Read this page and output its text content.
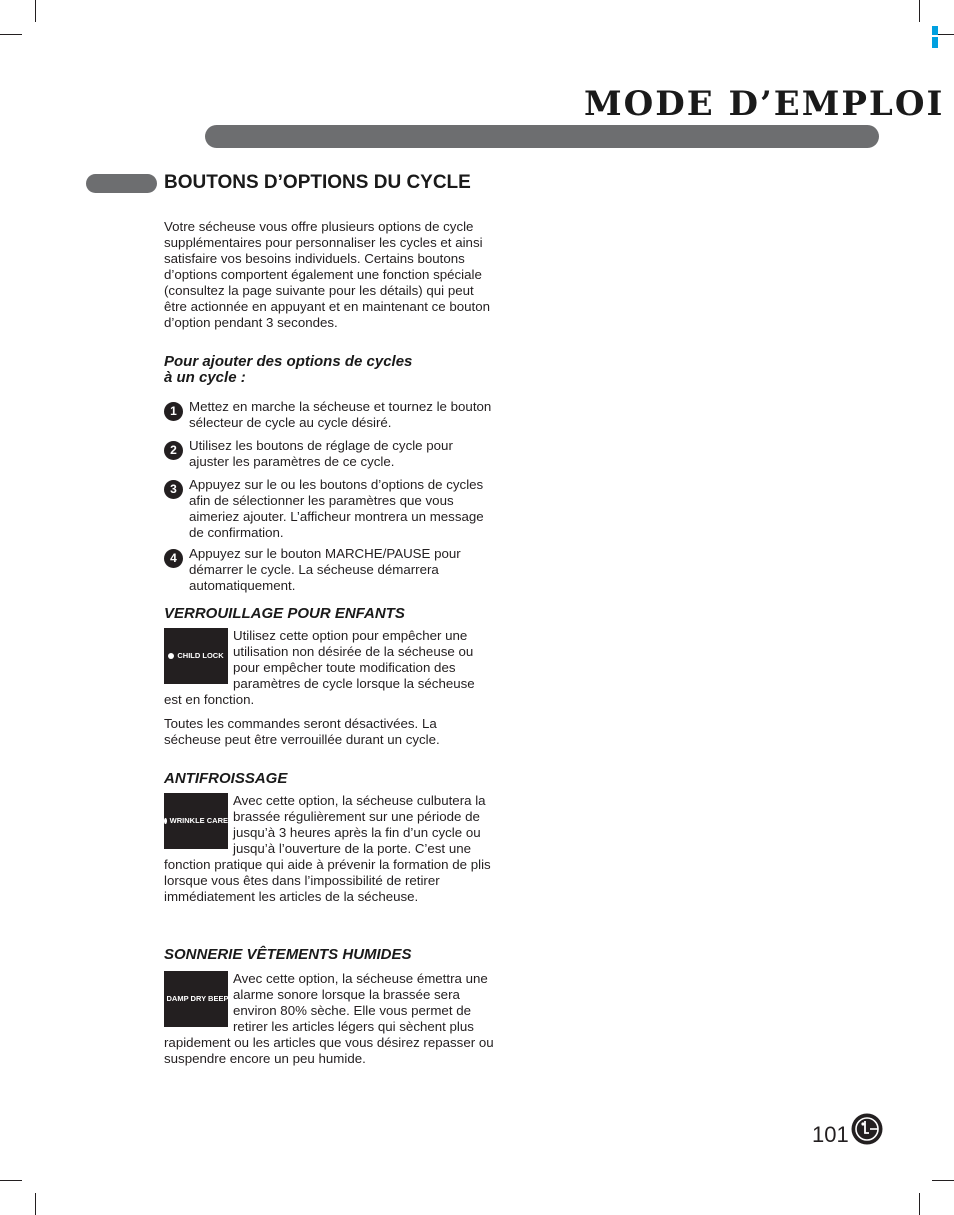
MODE D’EMPLOI
BOUTONS D’OPTIONS DU CYCLE

Votre sécheuse vous offre plusieurs options de cycle supplémentaires pour personnaliser les cycles et ainsi satisfaire vos besoins individuels. Certains boutons d’options comportent également une fonction spéciale (consultez la page suivante pour les détails) qui peut être actionnée en appuyant et en maintenant ce bouton d’option pendant 3 secondes.

Pour ajouter des options de cycles
à un cycle :
1 Mettez en marche la sécheuse et tournez le bouton sélecteur de cycle au cycle désiré.
2 Utilisez les boutons de réglage de cycle pour ajuster les paramètres de ce cycle.
3 Appuyez sur le ou les boutons d’options de cycles afin de sélectionner les paramètres que vous aimeriez ajouter. L’afficheur montrera un message de confirmation.
4 Appuyez sur le bouton MARCHE/PAUSE pour démarrer le cycle. La sécheuse démarrera automatiquement.
VERROUILLAGE POUR ENFANTS
CHILD LOCK

Utilisez cette option pour empêcher une utilisation non désirée de la sécheuse ou pour empêcher toute modification des paramètres de cycle lorsque la sécheuse est en fonction.

Toutes les commandes seront désactivées. La sécheuse peut être verrouillée durant un cycle.

ANTIFROISSAGE
WRINKLE CARE

Avec cette option, la sécheuse culbutera la brassée régulièrement sur une période de jusqu’à 3 heures après la fin d’un cycle ou jusqu’à l’ouverture de la porte. C’est une fonction pratique qui aide à prévenir la formation de plis lorsque vous êtes dans l’impossibilité de retirer immédiatement les articles de la sécheuse.

SONNERIE VÊTEMENTS HUMIDES
DAMP DRY BEEP

Avec cette option, la sécheuse émettra une alarme sonore lorsque la brassée sera environ 80% sèche. Elle vous permet de retirer les articles légers qui sèchent plus rapidement ou les articles que vous désirez repasser ou suspendre encore un peu humide.

101
